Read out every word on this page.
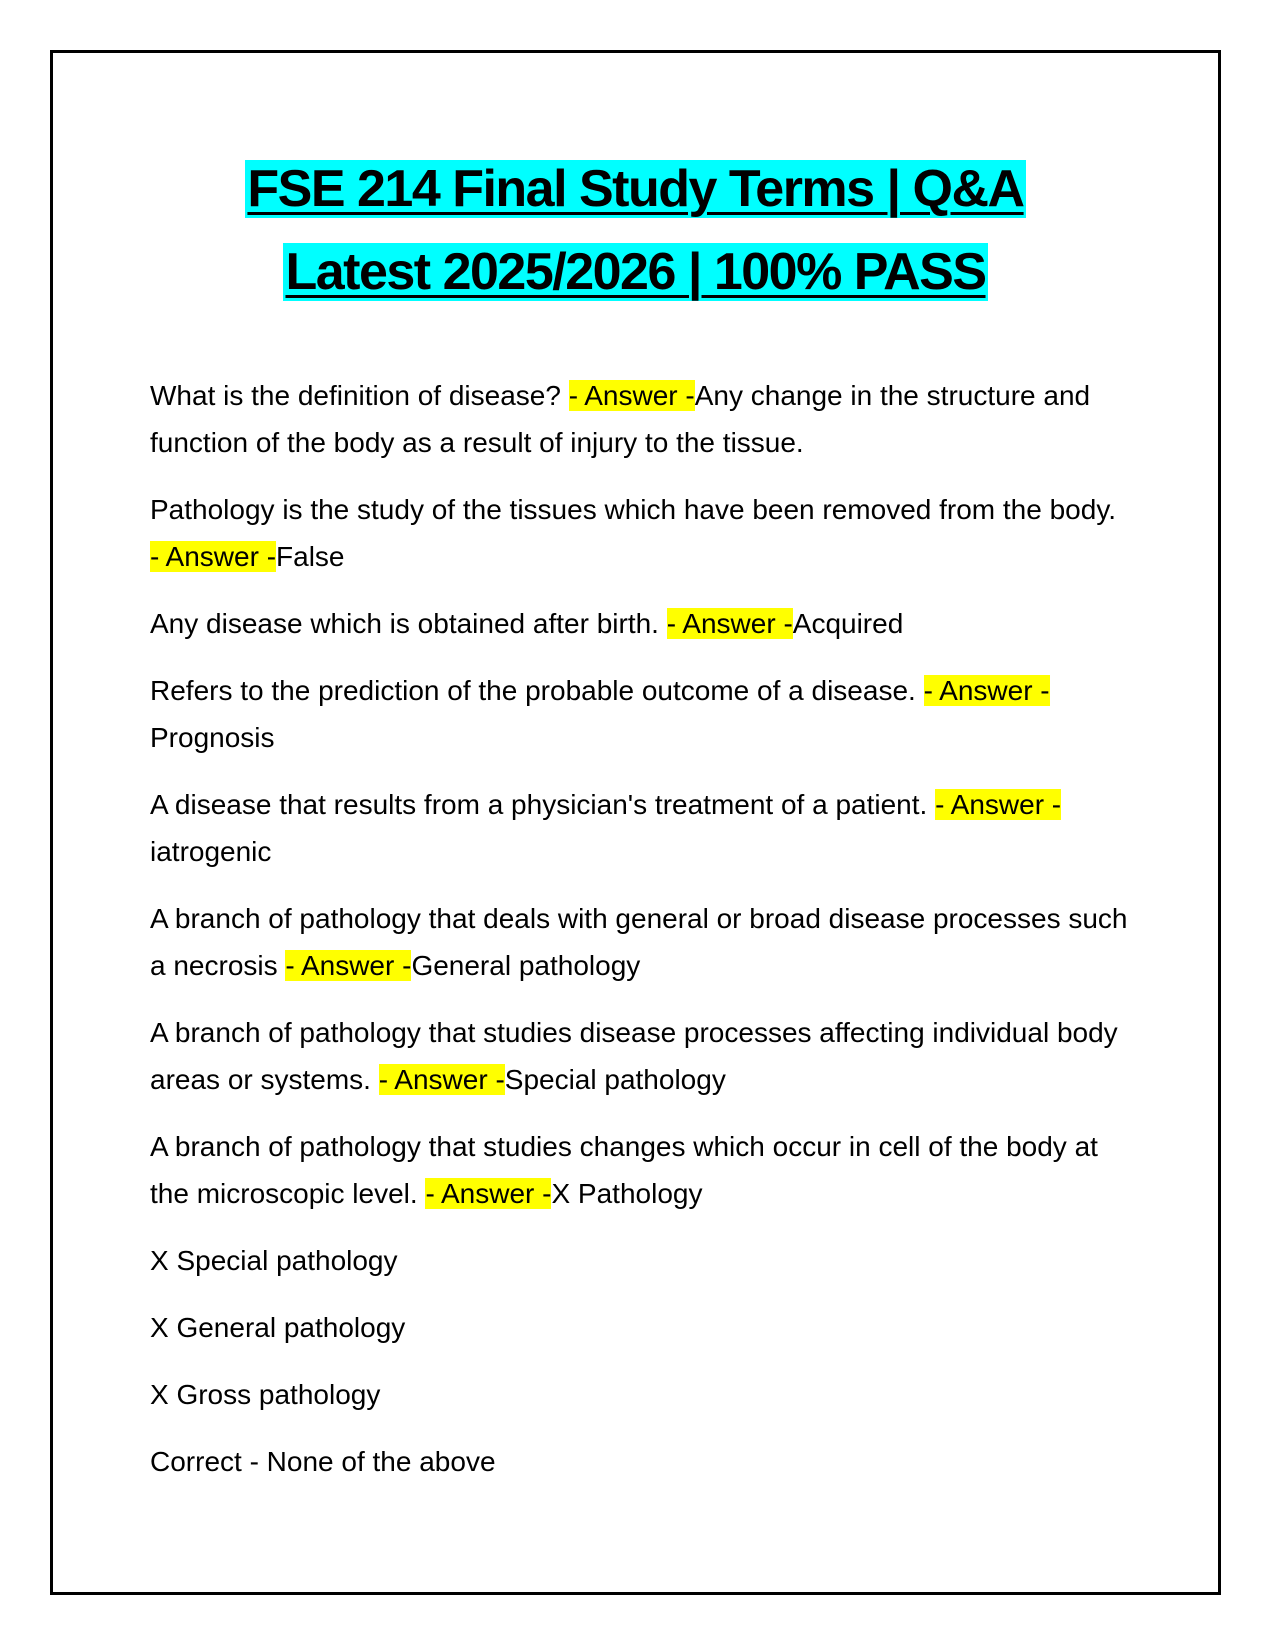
FSE 214 Final Study Terms | Q&A
Latest 2025/2026 | 100% PASS

What is the definition of disease? - Answer -Any change in the structure and function of the body as a result of injury to the tissue.

Pathology is the study of the tissues which have been removed from the body. - Answer -False

Any disease which is obtained after birth. - Answer -Acquired

Refers to the prediction of the probable outcome of a disease. - Answer -Prognosis

A disease that results from a physician's treatment of a patient. - Answer -iatrogenic

A branch of pathology that deals with general or broad disease processes such a necrosis - Answer -General pathology

A branch of pathology that studies disease processes affecting individual body areas or systems. - Answer -Special pathology

A branch of pathology that studies changes which occur in cell of the body at the microscopic level. - Answer -X Pathology

X Special pathology

X General pathology

X Gross pathology

Correct - None of the above
